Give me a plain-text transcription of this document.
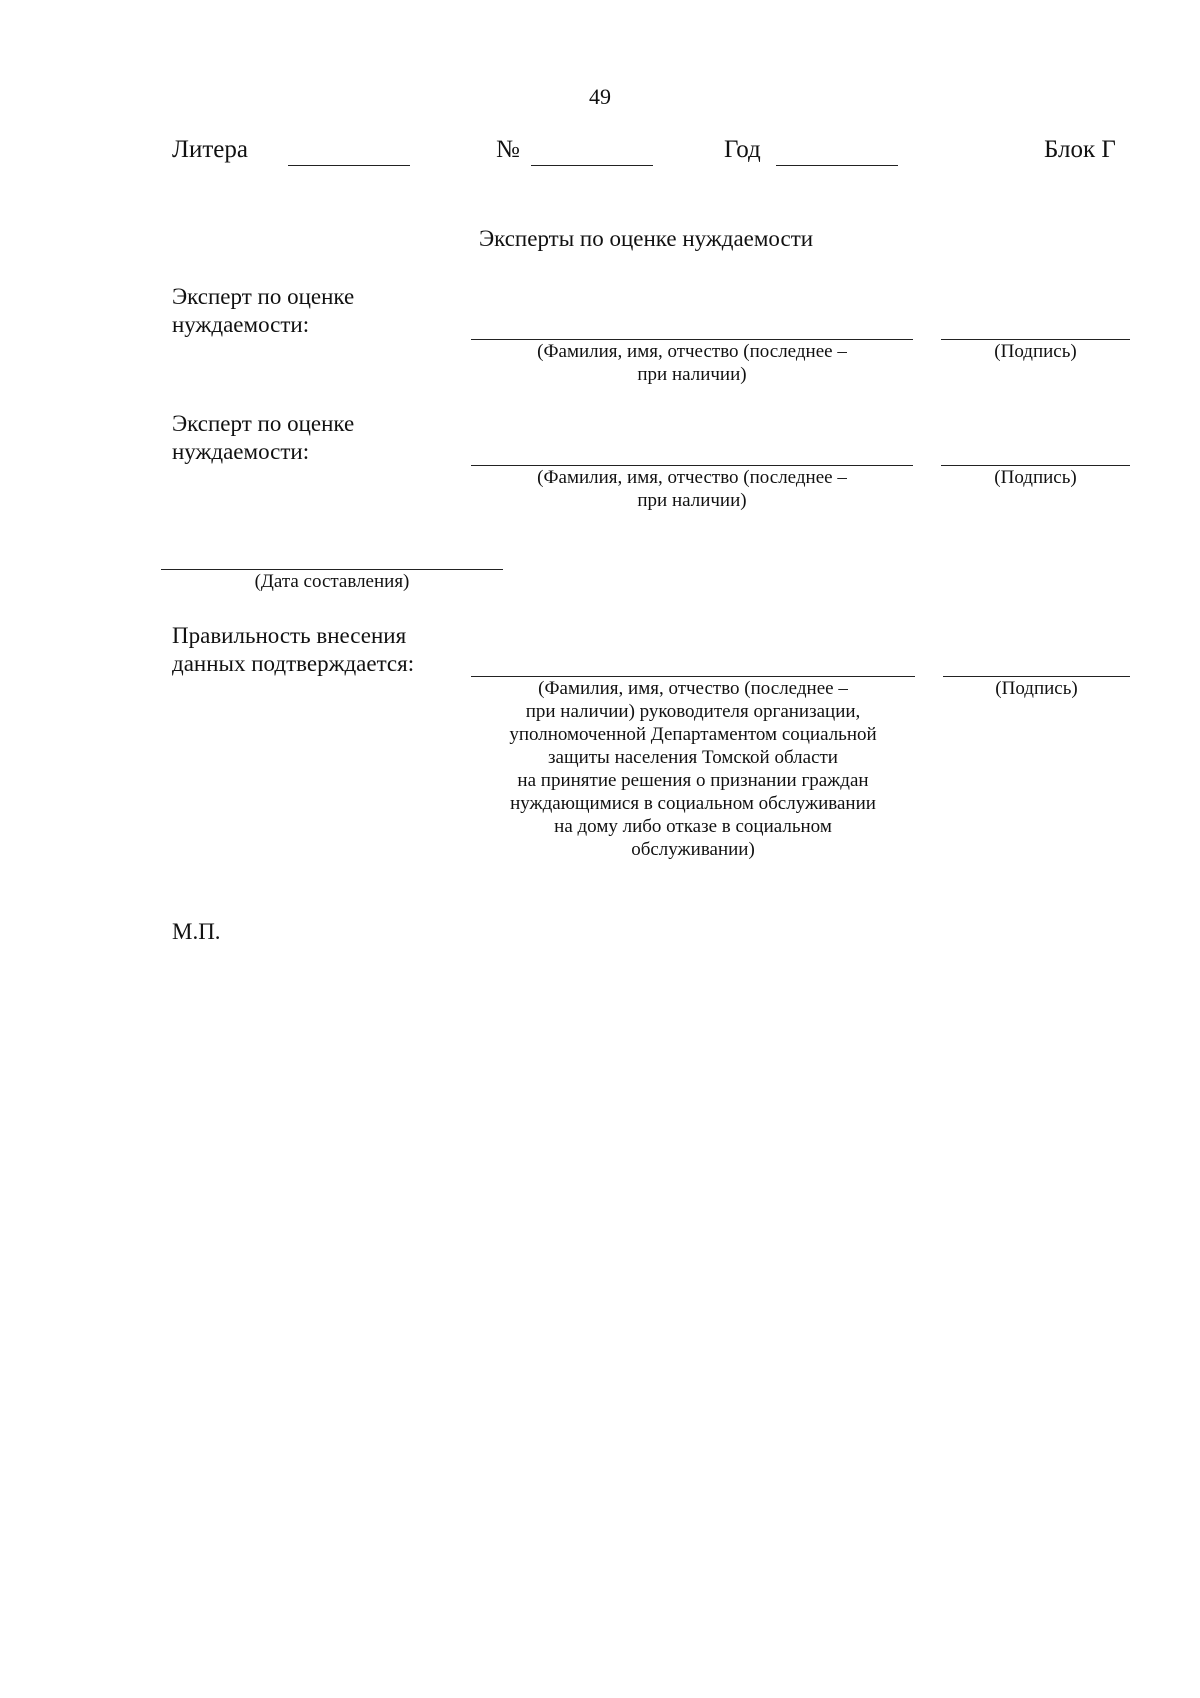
49
Литера	№	Год	Блок Г
Эксперты по оценке нуждаемости
Эксперт по оценке
нуждаемости:
(Фамилия, имя, отчество (последнее –
при наличии)
(Подпись)
Эксперт по оценке
нуждаемости:
(Фамилия, имя, отчество (последнее –
при наличии)
(Подпись)
(Дата составления)
Правильность внесения
данных подтверждается:
(Фамилия, имя, отчество (последнее –
при наличии) руководителя организации,
уполномоченной Департаментом социальной
защиты населения Томской области
на принятие решения о признании граждан
нуждающимися в социальном обслуживании
на дому либо отказе в социальном
обслуживании)
(Подпись)
М.П.
